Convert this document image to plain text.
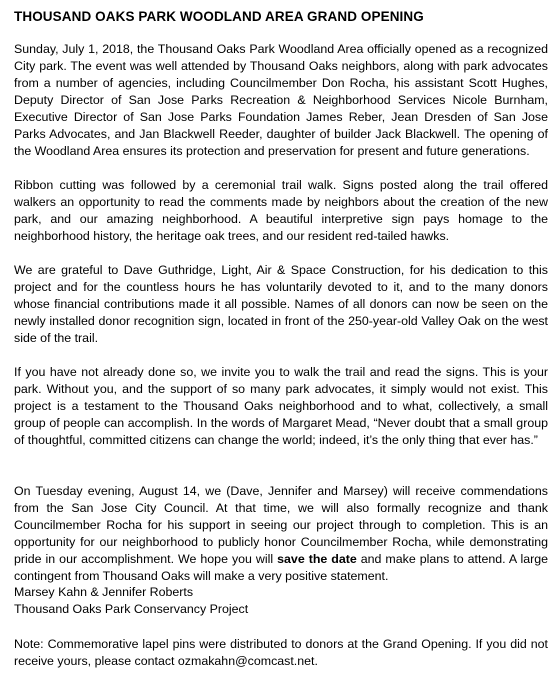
THOUSAND OAKS PARK WOODLAND AREA GRAND OPENING

Sunday, July 1, 2018, the Thousand Oaks Park Woodland Area officially opened as a recognized City park. The event was well attended by Thousand Oaks neighbors, along with park advocates from a number of agencies, including Councilmember Don Rocha, his assistant Scott Hughes, Deputy Director of San Jose Parks Recreation & Neighborhood Services Nicole Burnham, Executive Director of San Jose Parks Foundation James Reber, Jean Dresden of San Jose Parks Advocates, and Jan Blackwell Reeder, daughter of builder Jack Blackwell. The opening of the Woodland Area ensures its protection and preservation for present and future generations.

Ribbon cutting was followed by a ceremonial trail walk. Signs posted along the trail offered walkers an opportunity to read the comments made by neighbors about the creation of the new park, and our amazing neighborhood. A beautiful interpretive sign pays homage to the neighborhood history, the heritage oak trees, and our resident red-tailed hawks.

We are grateful to Dave Guthridge, Light, Air & Space Construction, for his dedication to this project and for the countless hours he has voluntarily devoted to it, and to the many donors whose financial contributions made it all possible. Names of all donors can now be seen on the newly installed donor recognition sign, located in front of the 250-year-old Valley Oak on the west side of the trail.

If you have not already done so, we invite you to walk the trail and read the signs. This is your park. Without you, and the support of so many park advocates, it simply would not exist. This project is a testament to the Thousand Oaks neighborhood and to what, collectively, a small group of people can accomplish. In the words of Margaret Mead, “Never doubt that a small group of thoughtful, committed citizens can change the world; indeed, it’s the only thing that ever has.”

On Tuesday evening, August 14, we (Dave, Jennifer and Marsey) will receive commendations from the San Jose City Council. At that time, we will also formally recognize and thank Councilmember Rocha for his support in seeing our project through to completion. This is an opportunity for our neighborhood to publicly honor Councilmember Rocha, while demonstrating pride in our accomplishment. We hope you will save the date and make plans to attend. A large contingent from Thousand Oaks will make a very positive statement.

Marsey Kahn & Jennifer Roberts
Thousand Oaks Park Conservancy Project

Note: Commemorative lapel pins were distributed to donors at the Grand Opening. If you did not receive yours, please contact ozmakahn@comcast.net.
